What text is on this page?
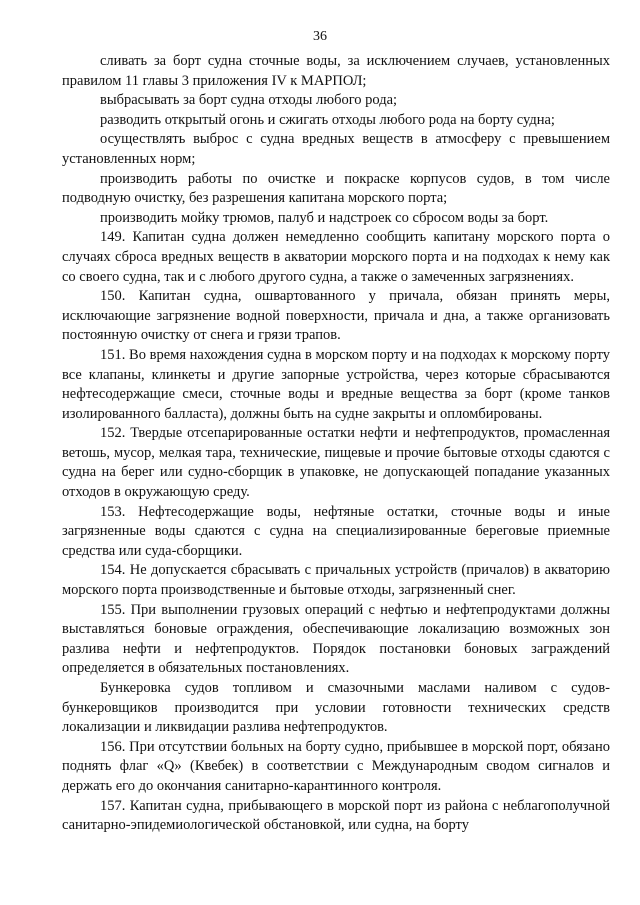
36

сливать за борт судна сточные воды, за исключением случаев, установленных правилом 11 главы 3 приложения IV к МАРПОЛ;

выбрасывать за борт судна отходы любого рода;

разводить открытый огонь и сжигать отходы любого рода на борту судна;

осуществлять выброс с судна вредных веществ в атмосферу с превышением установленных норм;

производить работы по очистке и покраске корпусов судов, в том числе подводную очистку, без разрешения капитана морского порта;

производить мойку трюмов, палуб и надстроек со сбросом воды за борт.

149. Капитан судна должен немедленно сообщить капитану морского порта о случаях сброса вредных веществ в акватории морского порта и на подходах к нему как со своего судна, так и с любого другого судна, а также о замеченных загрязнениях.

150. Капитан судна, ошвартованного у причала, обязан принять меры, исключающие загрязнение водной поверхности, причала и дна, а также организовать постоянную очистку от снега и грязи трапов.

151. Во время нахождения судна в морском порту и на подходах к морскому порту все клапаны, клинкеты и другие запорные устройства, через которые сбрасываются нефтесодержащие смеси, сточные воды и вредные вещества за борт (кроме танков изолированного балласта), должны быть на судне закрыты и опломбированы.

152. Твердые отсепарированные остатки нефти и нефтепродуктов, промасленная ветошь, мусор, мелкая тара, технические, пищевые и прочие бытовые отходы сдаются с судна на берег или судно-сборщик в упаковке, не допускающей попадание указанных отходов в окружающую среду.

153. Нефтесодержащие воды, нефтяные остатки, сточные воды и иные загрязненные воды сдаются с судна на специализированные береговые приемные средства или суда-сборщики.

154. Не допускается сбрасывать с причальных устройств (причалов) в акваторию морского порта производственные и бытовые отходы, загрязненный снег.

155. При выполнении грузовых операций с нефтью и нефтепродуктами должны выставляться боновые ограждения, обеспечивающие локализацию возможных зон разлива нефти и нефтепродуктов. Порядок постановки боновых заграждений определяется в обязательных постановлениях.

Бункеровка судов топливом и смазочными маслами наливом с судов-бункеровщиков производится при условии готовности технических средств локализации и ликвидации разлива нефтепродуктов.

156. При отсутствии больных на борту судно, прибывшее в морской порт, обязано поднять флаг «Q» (Квебек) в соответствии с Международным сводом сигналов и держать его до окончания санитарно-карантинного контроля.

157. Капитан судна, прибывающего в морской порт из района с неблагополучной санитарно-эпидемиологической обстановкой, или судна, на борту
